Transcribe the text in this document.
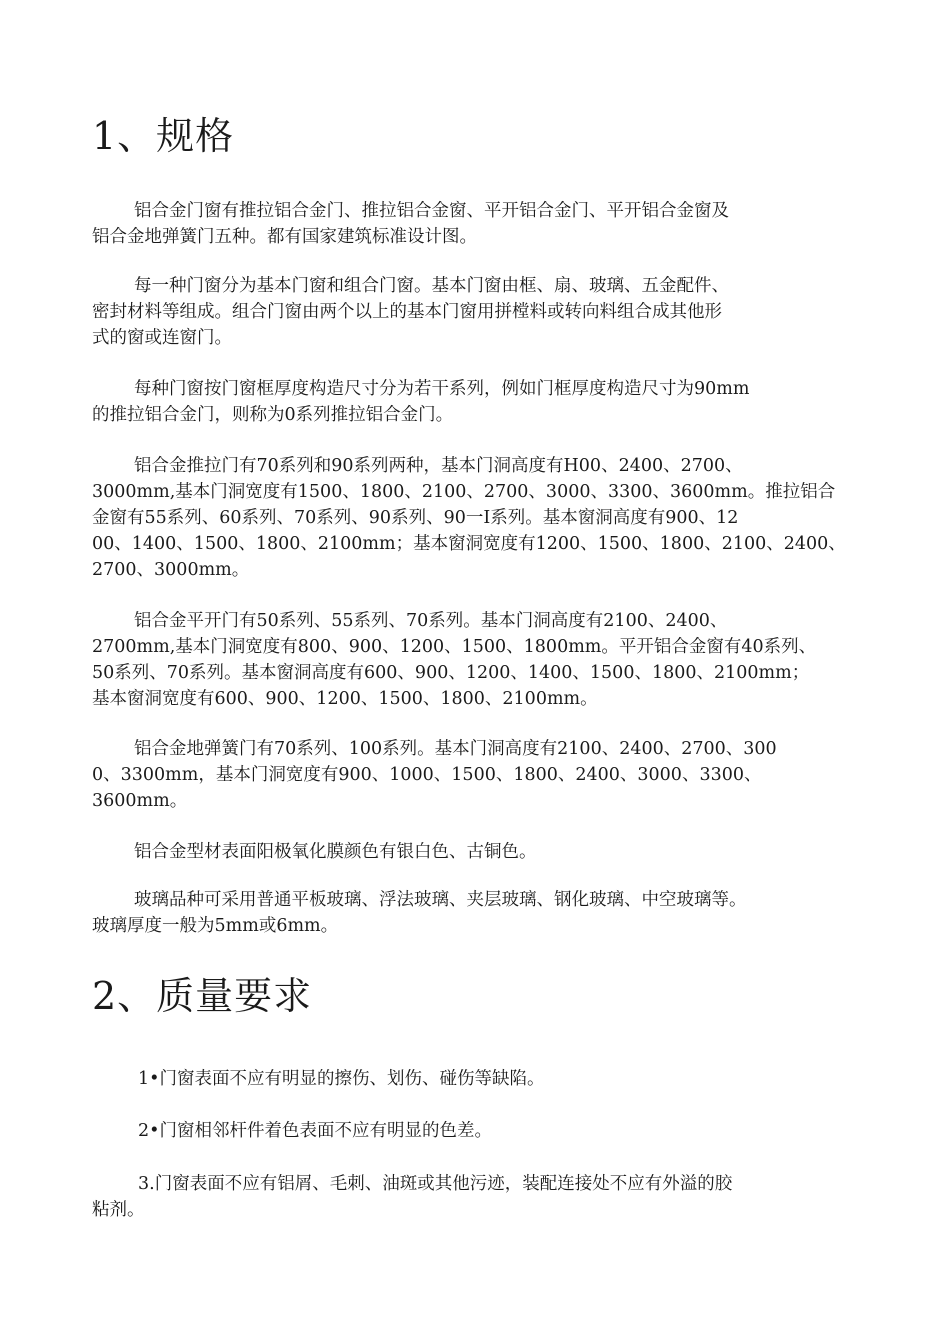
1、规格
铝合金门窗有推拉铝合金门、推拉铝合金窗、平开铝合金门、平开铝合金窗及
铝合金地弹簧门五种。都有国家建筑标准设计图。
每一种门窗分为基本门窗和组合门窗。基本门窗由框、扇、玻璃、五金配件、
密封材料等组成。组合门窗由两个以上的基本门窗用拼樘料或转向料组合成其他形
式的窗或连窗门。
每种门窗按门窗框厚度构造尺寸分为若干系列，例如门框厚度构造尺寸为90mm
的推拉铝合金门，则称为0系列推拉铝合金门。
铝合金推拉门有70系列和90系列两种，基本门洞高度有H00、2400、2700、
3000mm,基本门洞宽度有1500、1800、2100、2700、3000、3300、3600mm。推拉铝合
金窗有55系列、60系列、70系列、90系列、90一I系列。基本窗洞高度有900、12
00、1400、1500、1800、2100mm；基本窗洞宽度有1200、1500、1800、2100、2400、
2700、3000mm。
铝合金平开门有50系列、55系列、70系列。基本门洞高度有2100、2400、
2700mm,基本门洞宽度有800、900、1200、1500、1800mm。平开铝合金窗有40系列、
50系列、70系列。基本窗洞高度有600、900、1200、1400、1500、1800、2100mm；
基本窗洞宽度有600、900、1200、1500、1800、2100mm。
铝合金地弹簧门有70系列、100系列。基本门洞高度有2100、2400、2700、300
0、3300mm，基本门洞宽度有900、1000、1500、1800、2400、3000、3300、
3600mm。
铝合金型材表面阳极氧化膜颜色有银白色、古铜色。
玻璃品种可采用普通平板玻璃、浮法玻璃、夹层玻璃、钢化玻璃、中空玻璃等。
玻璃厚度一般为5mm或6mm。
2、质量要求
1•门窗表面不应有明显的擦伤、划伤、碰伤等缺陷。
2•门窗相邻杆件着色表面不应有明显的色差。
3.门窗表面不应有铝屑、毛刺、油斑或其他污迹，装配连接处不应有外溢的胶
粘剂。
